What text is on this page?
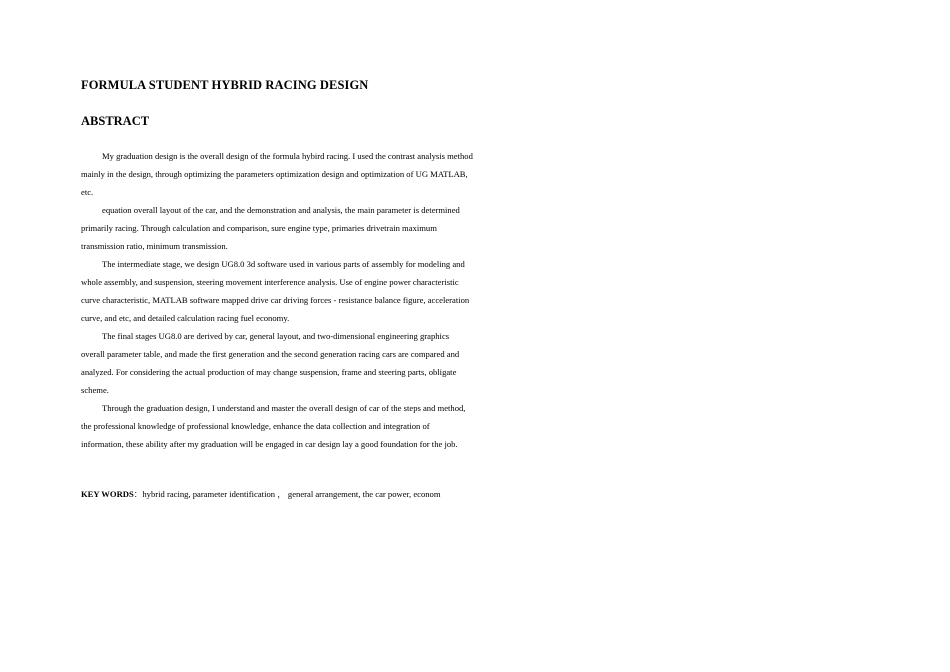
FORMULA STUDENT HYBRID RACING DESIGN
ABSTRACT

My graduation design is the overall design of the formula hybird racing. I used the contrast analysis method mainly in the design, through optimizing the parameters optimization design and optimization of UG MATLAB, etc.

equation overall layout of the car, and the demonstration and analysis, the main parameter is determined primarily racing. Through calculation and comparison, sure engine type, primaries drivetrain maximum transmission ratio, minimum transmission.

The intermediate stage, we design UG8.0 3d software used in various parts of assembly for modeling and whole assembly, and suspension, steering movement interference analysis. Use of engine power characteristic curve characteristic, MATLAB software mapped drive car driving forces - resistance balance figure, acceleration curve, and etc, and detailed calculation racing fuel economy.

The final stages UG8.0 are derived by car, general layout, and two-dimensional engineering graphics overall parameter table, and made the first generation and the second generation racing cars are compared and analyzed. For considering the actual production of may change suspension, frame and steering parts, obligate scheme.

Through the graduation design, I understand and master the overall design of car of the steps and method, the professional knowledge of professional knowledge, enhance the data collection and integration of information, these ability after my graduation will be engaged in car design lay a good foundation for the job.

KEY WORDS：hybrid racing, parameter identification ， general arrangement, the car power, econom
